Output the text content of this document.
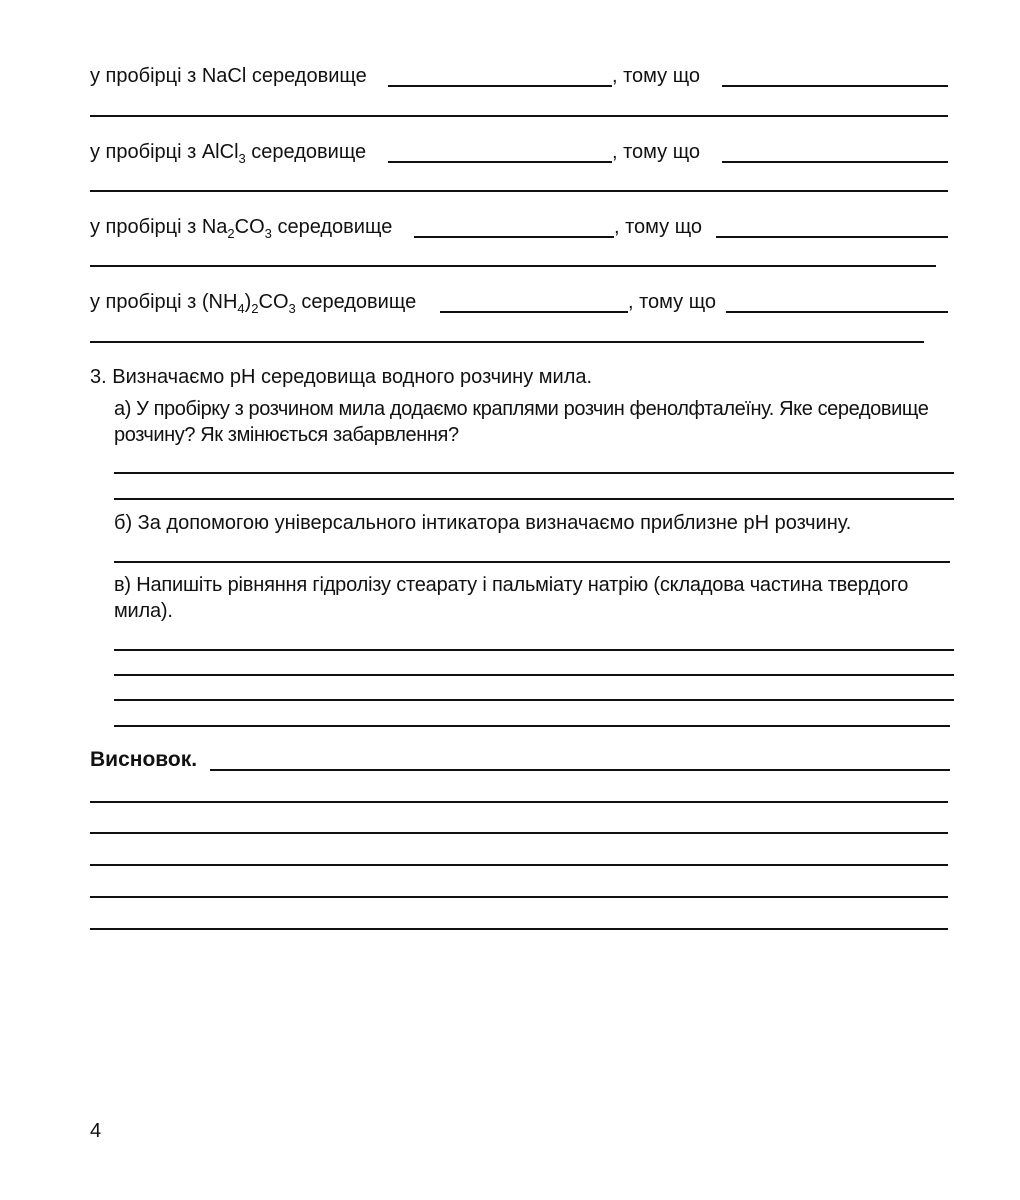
у пробірці з NaCl середовище	, тому що
у пробірці з AlCl$_3$ середовище	, тому що
у пробірці з $Na_2CO_3$ середовище	, тому що
у пробірці з $(NH_4)_2CO_3$ середовище	, тому що
3. Визначаємо pH середовища водного розчину мила.
а) У пробірку з розчином мила додаємо краплями розчин фенолфталеїну. Яке середовище розчину? Як змінюється забарвлення?
б) За допомогою універсального інтикатора визначаємо приблизне pH розчину.
в) Напишіть рівняння гідролізу стеарату і пальміату натрію (складова частина твердого мила).
Висновок.
4
